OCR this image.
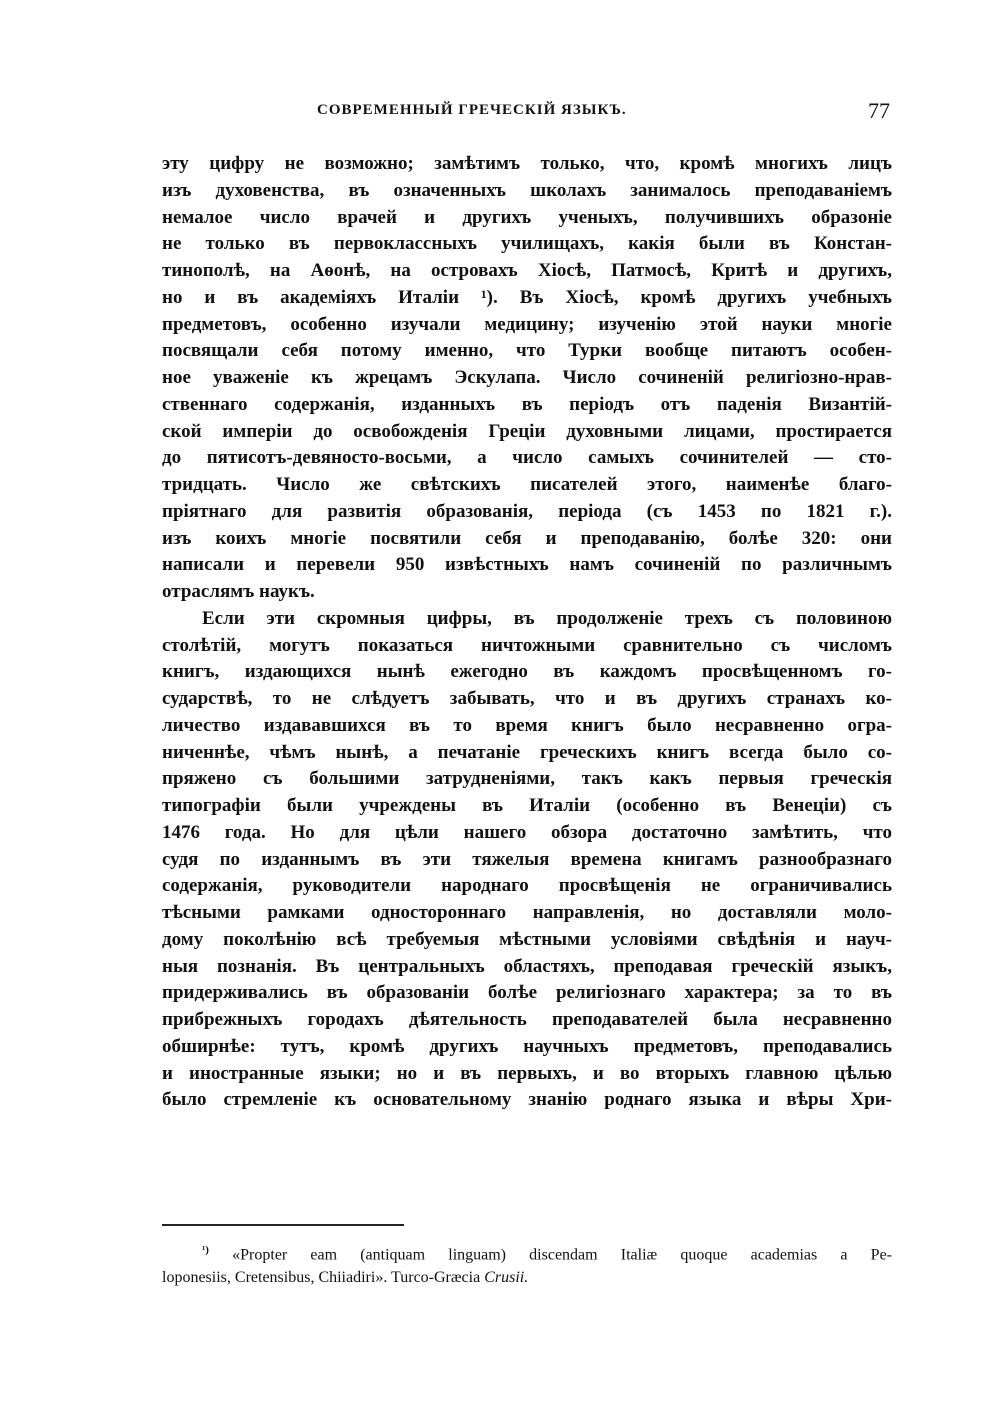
СОВРЕМЕННЫЙ ГРЕЧЕСКІЙ ЯЗЫКЪ.	77
эту цифру не возможно; замѣтимъ только, что, кромѣ многихъ лицъ
изъ духовенства, въ означенныхъ школахъ занималось преподаваніемъ
немалое число врачей и другихъ ученыхъ, получившихъ образоніе
не только въ первоклассныхъ училищахъ, какія были въ Констан-
тинополѣ, на Аѳонѣ, на островахъ Хіосѣ, Патмосѣ, Критѣ и другихъ,
но и въ академіяхъ Италіи ¹). Въ Хіосѣ, кромѣ другихъ учебныхъ
предметовъ, особенно изучали медицину; изученію этой науки многіе
посвящали себя потому именно, что Турки вообще питаютъ особен-
ное уваженіе къ жрецамъ Эскулапа. Число сочиненій религіозно-нрав-
ственнаго содержанія, изданныхъ въ періодъ отъ паденія Византій-
ской имперіи до освобожденія Греціи духовными лицами, простирается
до пятисотъ-девяносто-восьми, а число самыхъ сочинителей — сто-
тридцать. Число же свѣтскихъ писателей этого, наименѣе благо-
пріятнаго для развитія образованія, періода (съ 1453 по 1821 г.).
изъ коихъ многіе посвятили себя и преподаванію, болѣе 320: они
написали и перевели 950 извѣстныхъ намъ сочиненій по различнымъ
отраслямъ наукъ.
Если эти скромныя цифры, въ продолженіе трехъ съ половиною
столѣтій, могутъ показаться ничтожными сравнительно съ числомъ
книгъ, издающихся нынѣ ежегодно въ каждомъ просвѣщенномъ го-
сударствѣ, то не слѣдуетъ забывать, что и въ другихъ странахъ ко-
личество издававшихся въ то время книгъ было несравненно огра-
ниченнѣе, чѣмъ нынѣ, а печатаніе греческихъ книгъ всегда было со-
пряжено съ большими затрудненіями, такъ какъ первыя греческія
типографіи были учреждены въ Италіи (особенно въ Венеціи) съ
1476 года. Но для цѣли нашего обзора достаточно замѣтить, что
судя по изданнымъ въ эти тяжелыя времена книгамъ разнообразнаго
содержанія, руководители народнаго просвѣщенія не ограничивались
тѣсными рамками одностороннаго направленія, но доставляли моло-
дому поколѣнію всѣ требуемыя мѣстными условіями свѣдѣнія и науч-
ныя познанія. Въ центральныхъ областяхъ, преподавая греческій языкъ,
придерживались въ образованіи болѣе религіознаго характера; за то въ
прибрежныхъ городахъ дѣятельность преподавателей была несравненно
обширнѣе: тутъ, кромѣ другихъ научныхъ предметовъ, преподавались
и иностранные языки; но и въ первыхъ, и во вторыхъ главною цѣлью
было стремленіе къ основательному знанію роднаго языка и вѣры Хри-
$^{^1)}$ «Propter eam (antiquam linguam) discendam Italiæ quoque academias a Pe-
loponesiis, Cretensibus, Chiiadiri». Turco-Græcia Crusii.
